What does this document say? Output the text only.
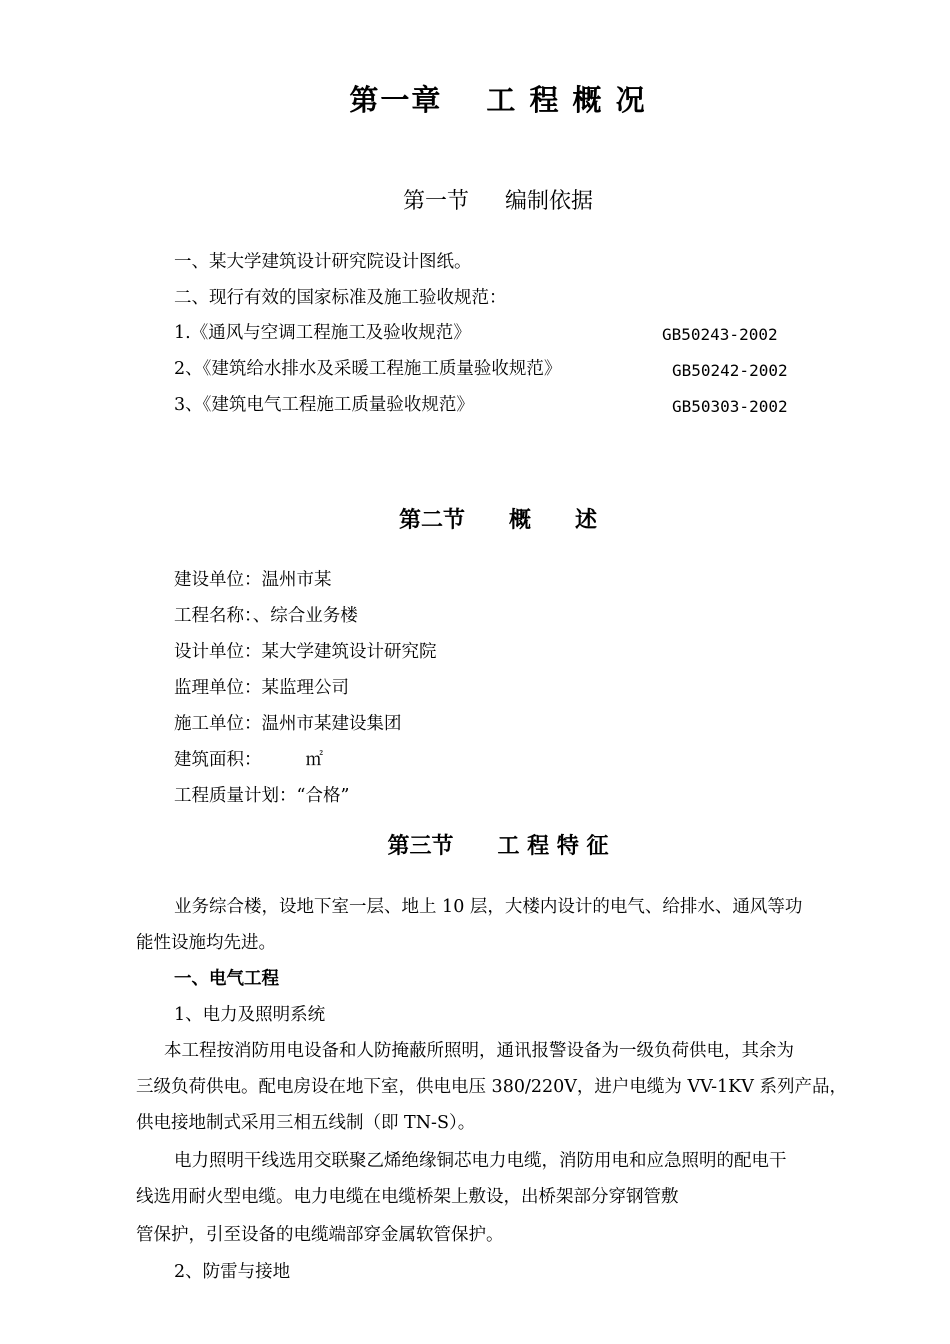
第一章 工 程 概 况
第一节 编制依据
一、某大学建筑设计研究院设计图纸。
二、现行有效的国家标准及施工验收规范：
1.《通风与空调工程施工及验收规范》	GB50243-2002
2、《建筑给水排水及采暖工程施工质量验收规范》	GB50242-2002
3、《建筑电气工程施工质量验收规范》	GB50303-2002
第二节 概　　述
建设单位：温州市某
工程名称：、综合业务楼
设计单位：某大学建筑设计研究院
监理单位：某监理公司
施工单位：温州市某建设集团
建筑面积：	㎡
工程质量计划：“合格”
第三节 工 程 特 征
业务综合楼，设地下室一层、地上 10 层，大楼内设计的电气、给排水、通风等功
能性设施均先进。
一、电气工程
1、电力及照明系统
本工程按消防用电设备和人防掩蔽所照明，通讯报警设备为一级负荷供电，其余为
三级负荷供电。配电房设在地下室，供电电压 380/220V，进户电缆为 VV-1KV 系列产品，
供电接地制式采用三相五线制（即 TN-S）。
电力照明干线选用交联聚乙烯绝缘铜芯电力电缆，消防用电和应急照明的配电干
线选用耐火型电缆。电力电缆在电缆桥架上敷设，出桥架部分穿钢管敷
管保护，引至设备的电缆端部穿金属软管保护。
2、防雷与接地
